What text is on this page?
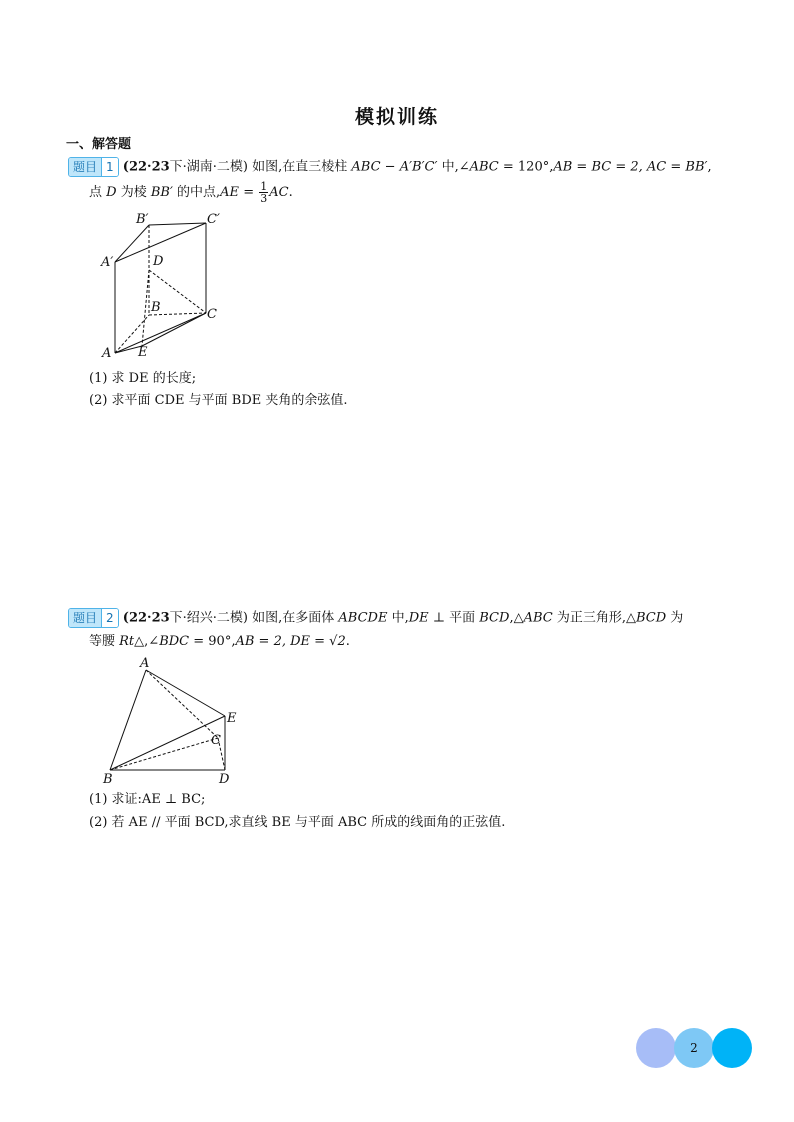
模拟训练
一、解答题
题目 1 (22·23下·湖南·二模) 如图,在直三棱柱 ABC − A′B′C′ 中,∠ABC = 120°,AB = BC = 2, AC = BB′,
点 D 为棱 BB′ 的中点$,AE = \frac{1}{3}$ AC.
B′	C′
A′	D
B	C
A E
(1) 求 DE 的长度;
(2) 求平面 CDE 与平面 BDE 夹角的余弦值.
题目 2 (22·23下·绍兴·二模) 如图,在多面体 ABCDE 中,DE ⊥ 平面 BCD,△ABC 为正三角形,△BCD 为
等腰 Rt△,∠BDC = 90°,AB = 2, DE = √2.
A
E
C
B	D
(1) 求证:AE ⊥ BC;
(2) 若 AE // 平面 BCD,求直线 BE 与平面 ABC 所成的线面角的正弦值.
2
